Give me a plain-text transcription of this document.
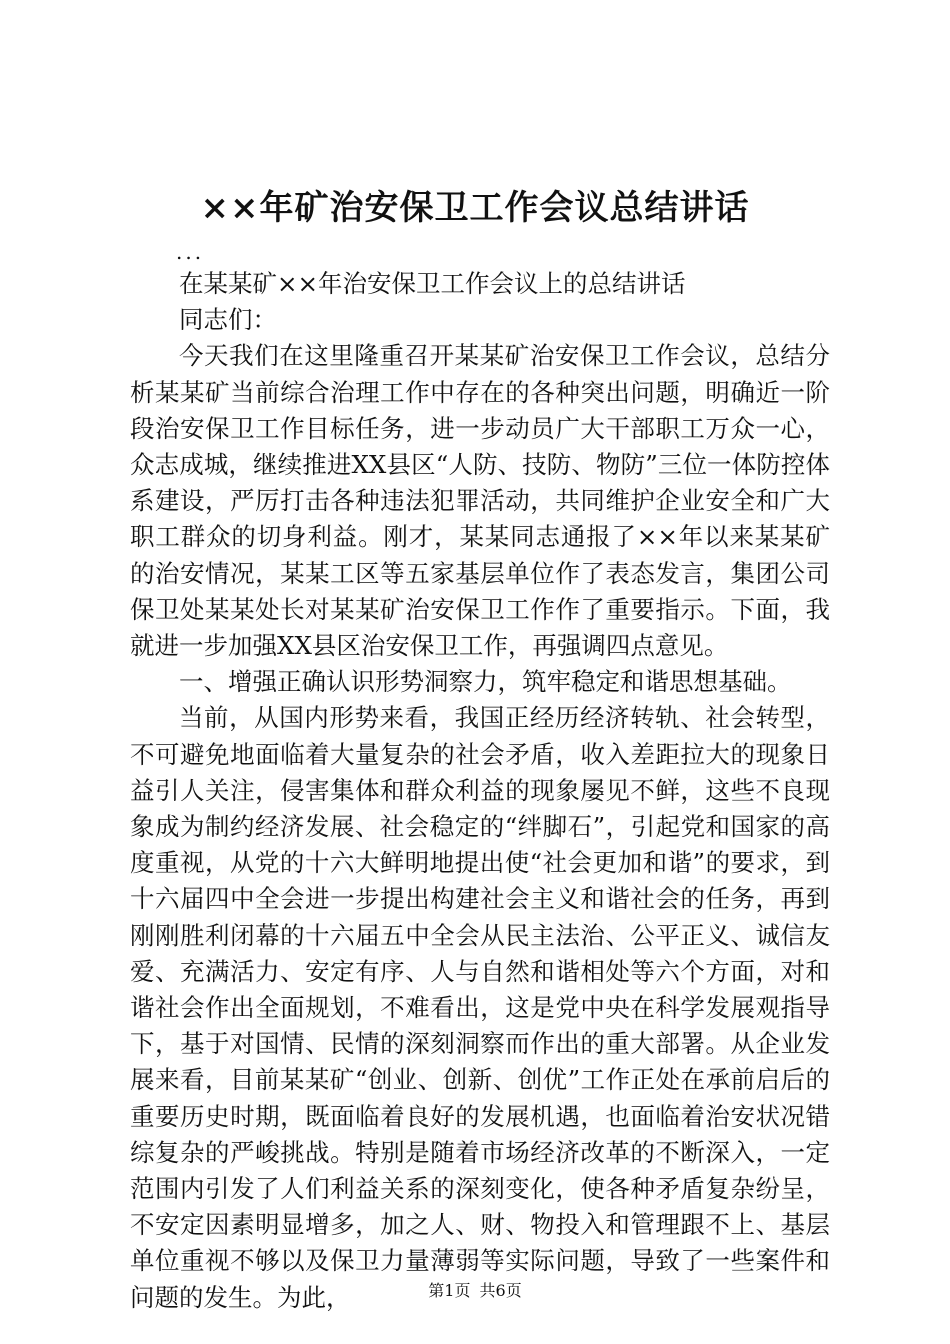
××年矿治安保卫工作会议总结讲话
...

在某某矿××年治安保卫工作会议上的总结讲话

同志们：

今天我们在这里隆重召开某某矿治安保卫工作会议，总结分析某某矿当前综合治理工作中存在的各种突出问题，明确近一阶段治安保卫工作目标任务，进一步动员广大干部职工万众一心，众志成城，继续推进XX县区“人防、技防、物防”三位一体防控体系建设，严厉打击各种违法犯罪活动，共同维护企业安全和广大职工群众的切身利益。刚才，某某同志通报了××年以来某某矿的治安情况，某某工区等五家基层单位作了表态发言，集团公司保卫处某某处长对某某矿治安保卫工作作了重要指示。下面，我就进一步加强XX县区治安保卫工作，再强调四点意见。

一、增强正确认识形势洞察力，筑牢稳定和谐思想基础。

当前，从国内形势来看，我国正经历经济转轨、社会转型，不可避免地面临着大量复杂的社会矛盾，收入差距拉大的现象日益引人关注，侵害集体和群众利益的现象屡见不鲜，这些不良现象成为制约经济发展、社会稳定的“绊脚石”，引起党和国家的高度重视，从党的十六大鲜明地提出使“社会更加和谐”的要求，到十六届四中全会进一步提出构建社会主义和谐社会的任务，再到刚刚胜利闭幕的十六届五中全会从民主法治、公平正义、诚信友爱、充满活力、安定有序、人与自然和谐相处等六个方面，对和谐社会作出全面规划，不难看出，这是党中央在科学发展观指导下，基于对国情、民情的深刻洞察而作出的重大部署。从企业发展来看，目前某某矿“创业、创新、创优”工作正处在承前启后的重要历史时期，既面临着良好的发展机遇，也面临着治安状况错综复杂的严峻挑战。特别是随着市场经济改革的不断深入，一定范围内引发了人们利益关系的深刻变化，使各种矛盾复杂纷呈，不安定因素明显增多，加之人、财、物投入和管理跟不上、基层单位重视不够以及保卫力量薄弱等实际问题，导致了一些案件和问题的发生。为此，	第1页 共6页
